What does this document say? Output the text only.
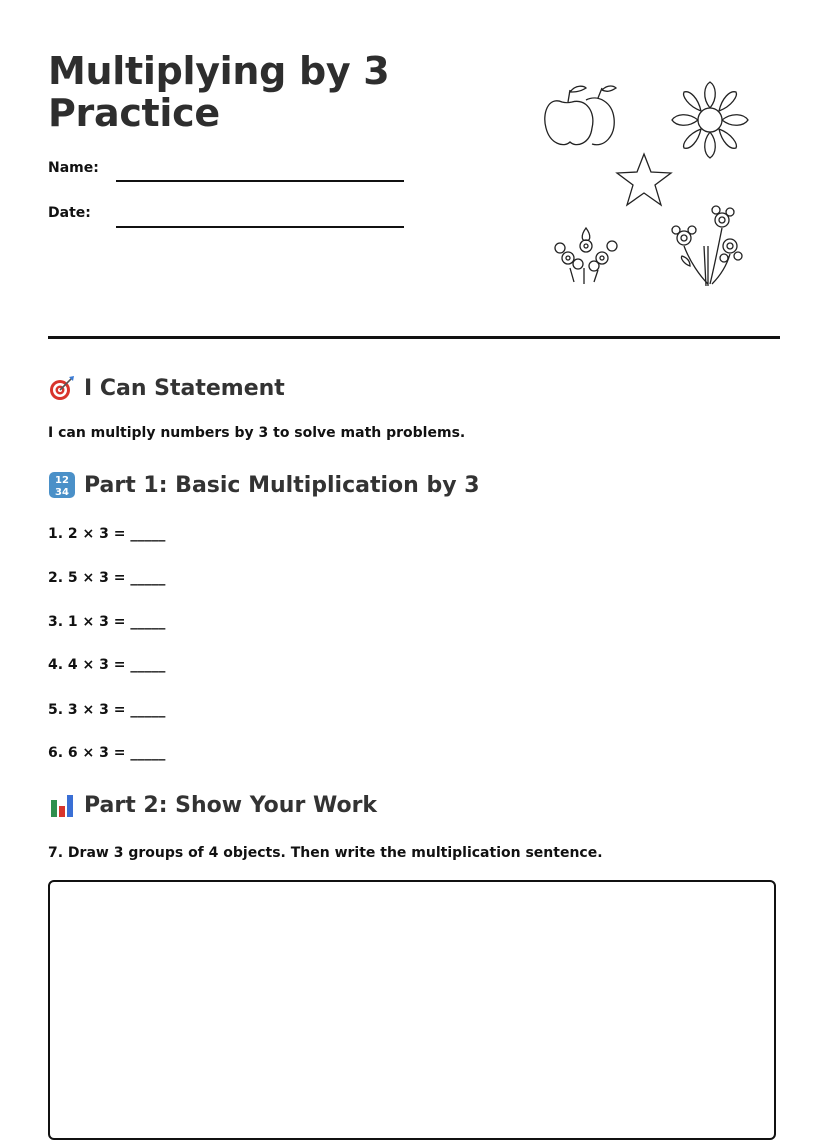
Multiplying by 3 Practice
Name:
Date:
I Can Statement

I can multiply numbers by 3 to solve math problems.

12
34 Part 1: Basic Multiplication by 3
1. 2 × 3 = _____
2. 5 × 3 = _____
3. 1 × 3 = _____
4. 4 × 3 = _____
5. 3 × 3 = _____
6. 6 × 3 = _____
Part 2: Show Your Work

7. Draw 3 groups of 4 objects. Then write the multiplication sentence.
